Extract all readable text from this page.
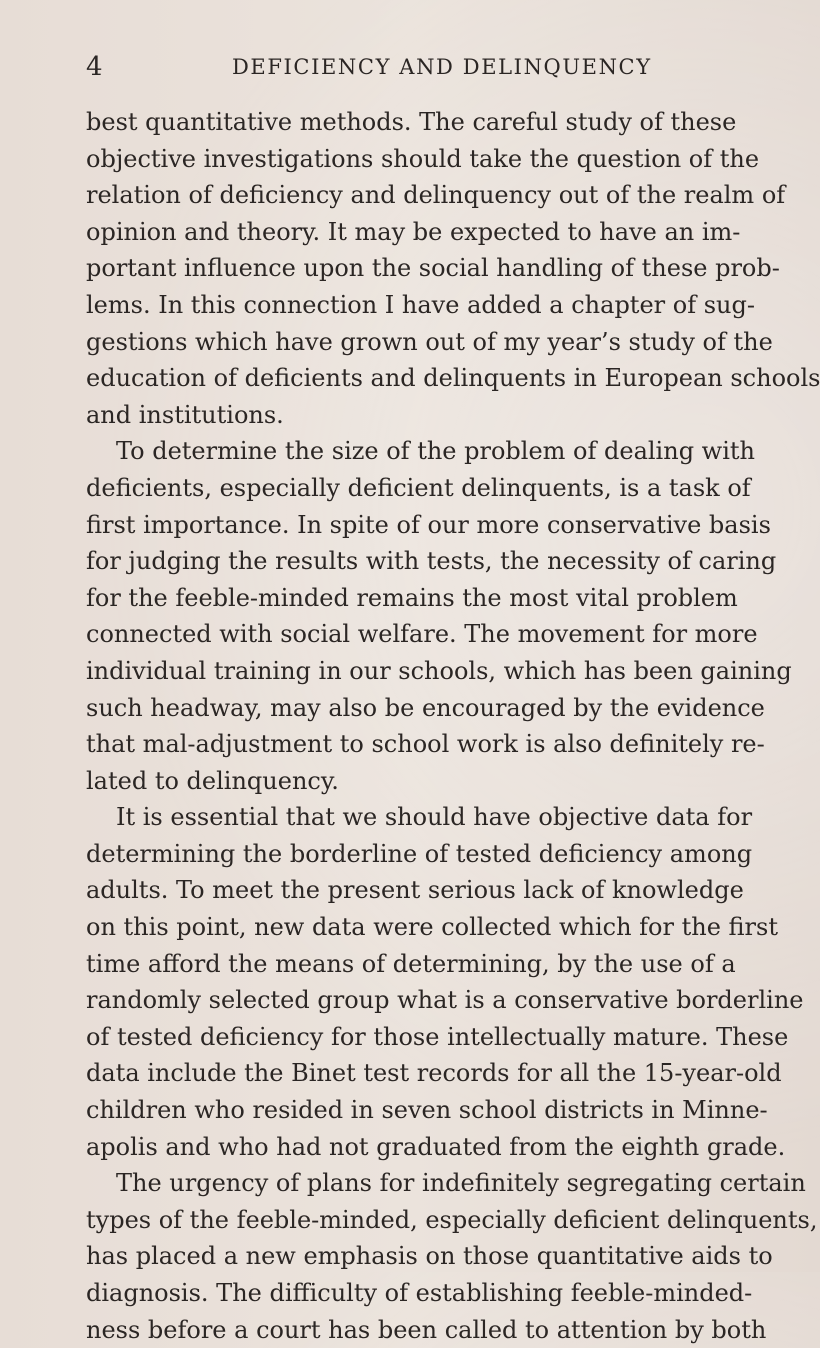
4	DEFICIENCY AND DELINQUENCY
best quantitative methods. The careful study of these
objective investigations should take the question of the
relation of deficiency and delinquency out of the realm of
opinion and theory. It may be expected to have an im-
portant influence upon the social handling of these prob-
lems. In this connection I have added a chapter of sug-
gestions which have grown out of my year’s study of the
education of deficients and delinquents in European schools
and institutions.
To determine the size of the problem of dealing with
deficients, especially deficient delinquents, is a task of
first importance. In spite of our more conservative basis
for judging the results with tests, the necessity of caring
for the feeble-minded remains the most vital problem
connected with social welfare. The movement for more
individual training in our schools, which has been gaining
such headway, may also be encouraged by the evidence
that mal-adjustment to school work is also definitely re-
lated to delinquency.
It is essential that we should have objective data for
determining the borderline of tested deficiency among
adults. To meet the present serious lack of knowledge
on this point, new data were collected which for the first
time afford the means of determining, by the use of a
randomly selected group what is a conservative borderline
of tested deficiency for those intellectually mature. These
data include the Binet test records for all the 15-year-old
children who resided in seven school districts in Minne-
apolis and who had not graduated from the eighth grade.
The urgency of plans for indefinitely segregating certain
types of the feeble-minded, especially deficient delinquents,
has placed a new emphasis on those quantitative aids to
diagnosis. The difficulty of establishing feeble-minded-
ness before a court has been called to attention by both
